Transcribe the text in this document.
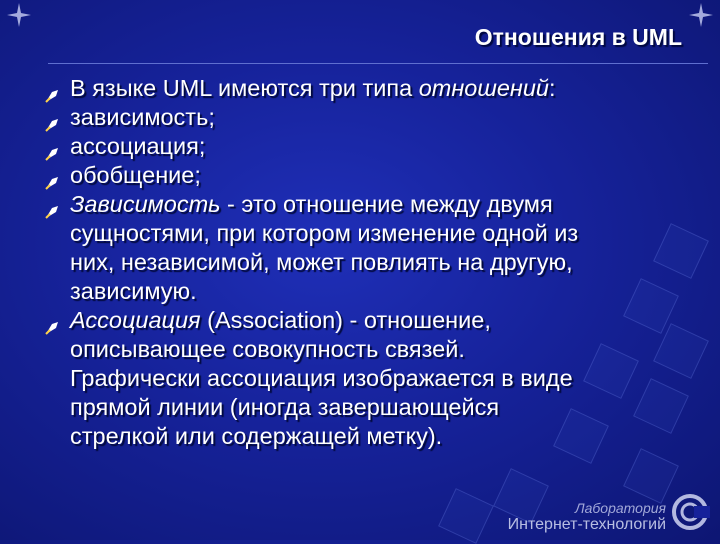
Отношения в UML
В языке UML имеются три типа отношений:
зависимость;
ассоциация;
обобщение;
Зависимость - это отношение между двумя
сущностями, при котором изменение одной из
них, независимой, может повлиять на другую,
зависимую.
Ассоциация (Association) - отношение,
описывающее совокупность связей.
Графически ассоциация изображается в виде
прямой линии (иногда завершающейся
стрелкой или содержащей метку).
Лаборатория
Интернет-технологий
